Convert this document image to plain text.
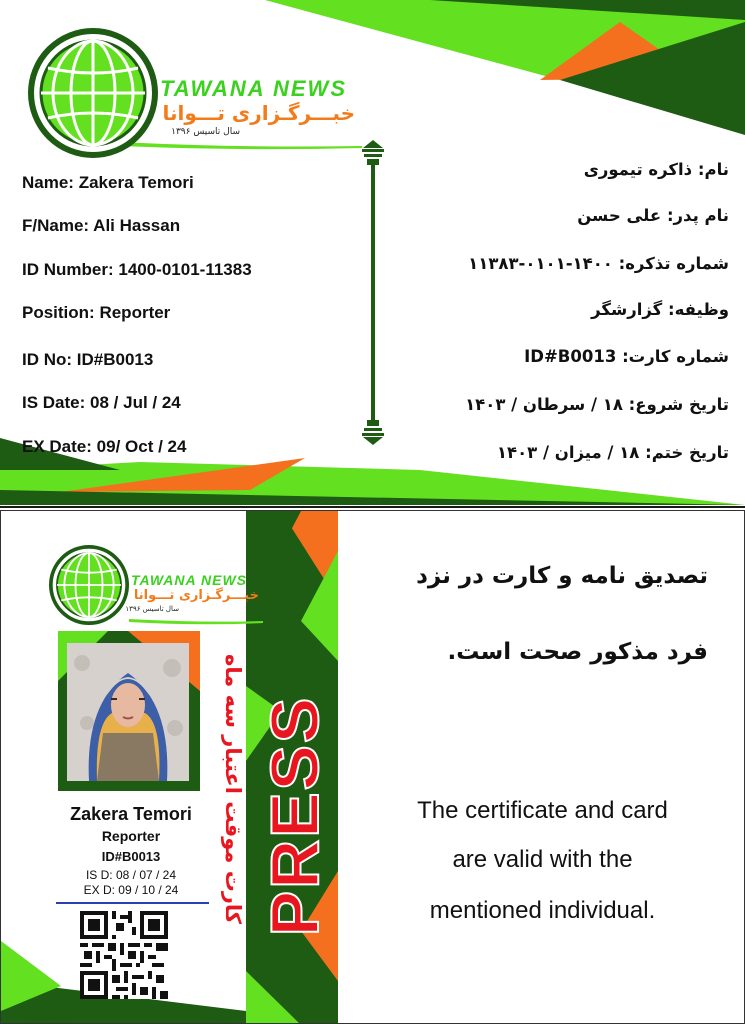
TAWANA NEWS
خبـــرگـزاری تـــوانا
سال تاسیس ۱۳۹۶
Name: Zakera Temori
F/Name: Ali Hassan
ID Number: 1400-0101-11383
Position: Reporter
ID No: ID#B0013
IS Date: 08 / Jul / 24
EX Date: 09/ Oct / 24
نام: ذاکره تیموری
نام پدر: علی حسن
شماره تذکره: ۱۴۰۰-۰۱۰۱-۱۱۳۸۳
وظیفه: گزارشگر
شماره کارت: ID#B0013
تاریخ شروع: ۱۸ / سرطان / ۱۴۰۳
تاریخ ختم: ۱۸ / میزان / ۱۴۰۳
TAWANA NEWS
خبـــرگـزاری تـــوانا
سال تاسیس ۱۳۹۶
Zakera Temori
Reporter
ID#B0013
IS D: 08 / 07 / 24
EX D: 09 / 10 / 24	PRESS
کارت موقت اعتبار سه ماه
تصدیق نامه و کارت در نزد
فرد مذکور صحت است.
The certificate and card
are valid with the
mentioned individual.
